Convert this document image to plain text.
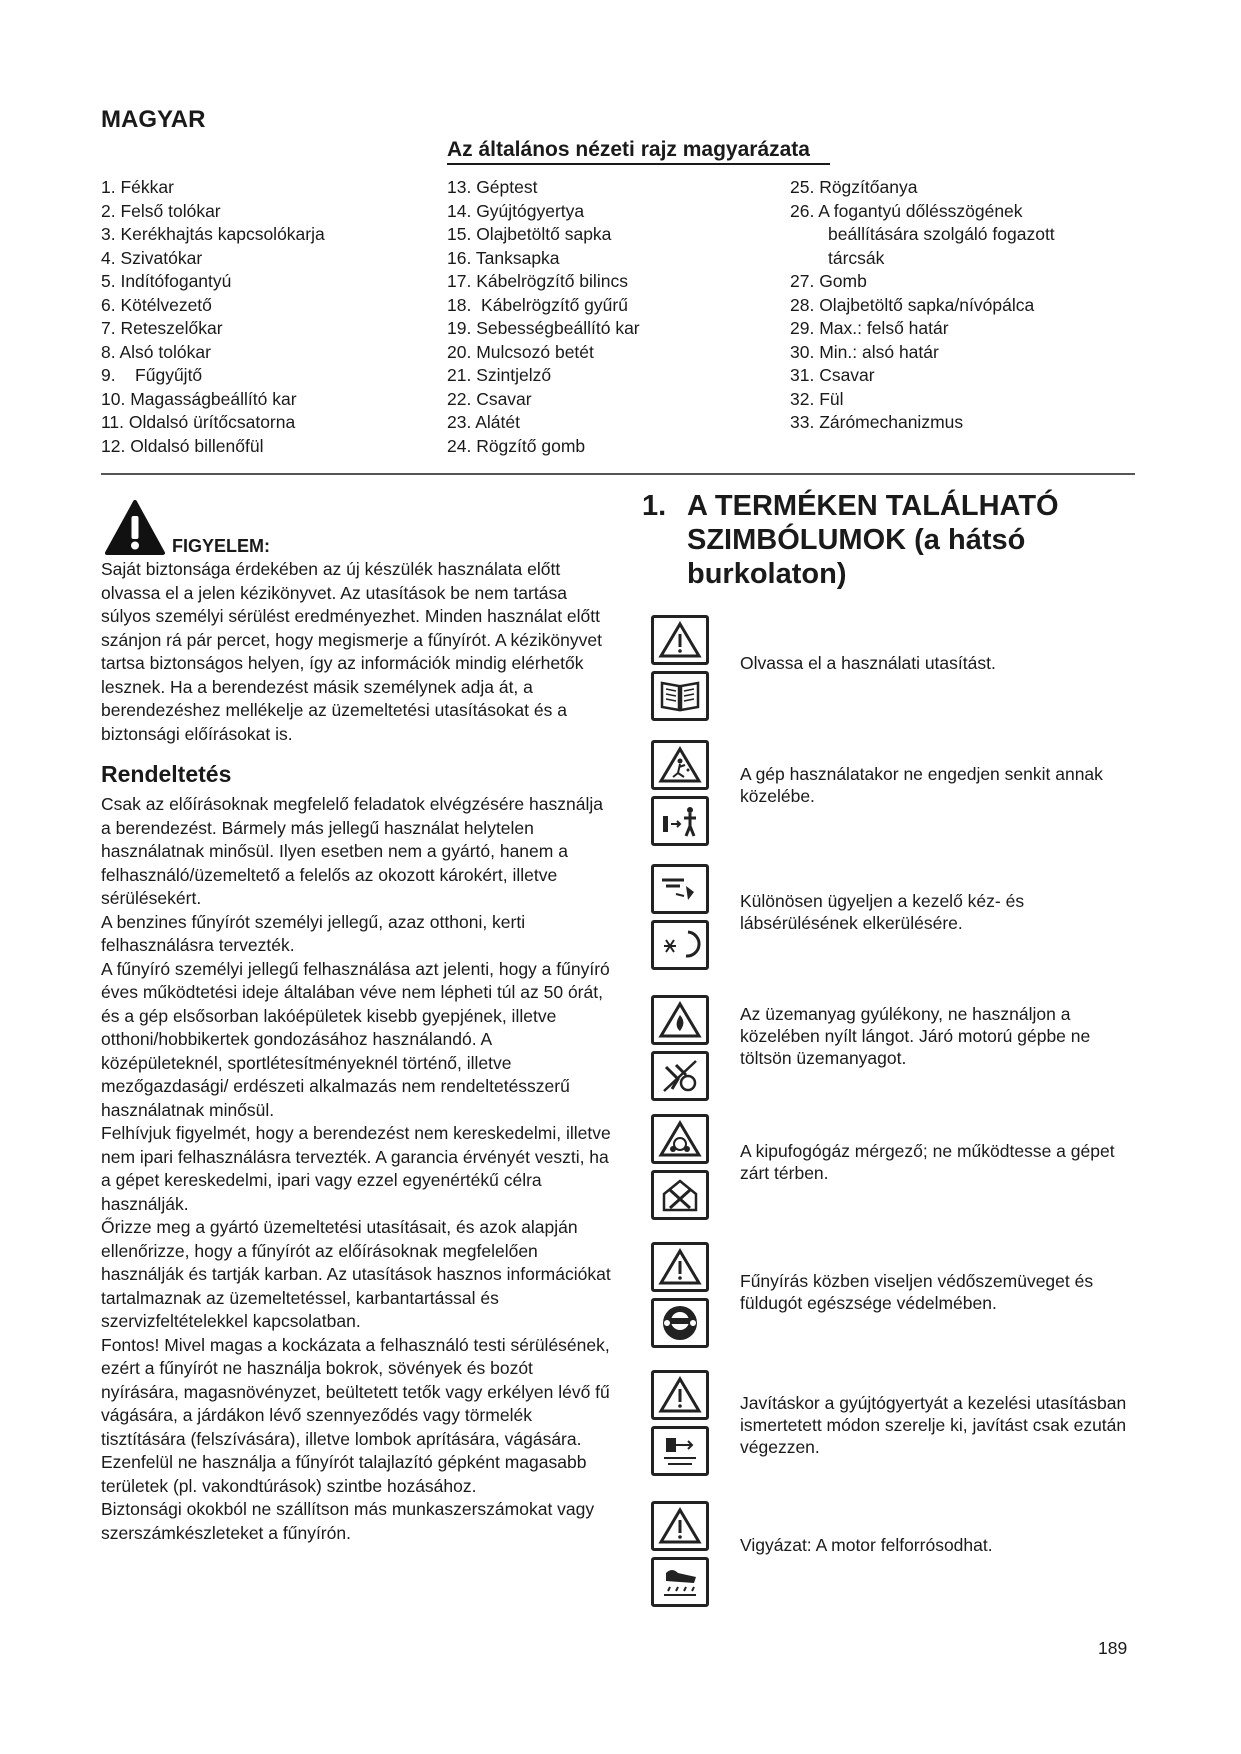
MAGYAR
Az általános nézeti rajz magyarázata
1. Fékkar
2. Felső tolókar
3. Kerékhajtás kapcsolókarja
4. Szivatókar
5. Indítófogantyú
6. Kötélvezető
7. Reteszelőkar
8. Alsó tolókar
9.    Fűgyűjtő
10. Magasságbeállító kar
11. Oldalsó ürítőcsatorna
12. Oldalsó billenőfül
13. Géptest
14. Gyújtógyertya
15. Olajbetöltő sapka
16. Tanksapka
17. Kábelrögzítő bilincs
18.  Kábelrögzítő gyűrű
19. Sebességbeállító kar
20. Mulcsozó betét
21. Szintjelző
22. Csavar
23. Alátét
24. Rögzítő gomb
25. Rögzítőanya
26. A fogantyú dőlésszögének
beállítására szolgáló fogazott
tárcsák
27. Gomb
28. Olajbetöltő sapka/nívópálca
29. Max.: felső határ
30. Min.: alsó határ
31. Csavar
32. Fül
33. Zárómechanizmus
FIGYELEM:
Saját biztonsága érdekében az új készülék használata előtt olvassa el a jelen kézikönyvet. Az utasítások be nem tartása súlyos személyi sérülést eredményezhet. Minden használat előtt szánjon rá pár percet, hogy megismerje a fűnyírót. A kézikönyvet tartsa biztonságos helyen, így az információk mindig elérhetők lesznek. Ha a berendezést másik személynek adja át, a berendezéshez mellékelje az üzemeltetési utasításokat és a biztonsági előírásokat is.
Rendeltetés
Csak az előírásoknak megfelelő feladatok elvégzésére használja a berendezést. Bármely más jellegű használat helytelen használatnak minősül. Ilyen esetben nem a gyártó, hanem a felhasználó/üzemeltető a felelős az okozott károkért, illetve sérülésekért.
A benzines fűnyírót személyi jellegű, azaz otthoni, kerti felhasználásra tervezték.
A fűnyíró személyi jellegű felhasználása azt jelenti, hogy a fűnyíró éves működtetési ideje általában véve nem lépheti túl az 50 órát, és a gép elsősorban lakóépületek kisebb gyepjének, illetve otthoni/hobbikertek gondozásához használandó. A középületeknél, sportlétesítményeknél történő, illetve mezőgazdasági/ erdészeti alkalmazás nem rendeltetésszerű használatnak minősül.
Felhívjuk figyelmét, hogy a berendezést nem kereskedelmi, illetve nem ipari felhasználásra tervezték. A garancia érvényét veszti, ha a gépet kereskedelmi, ipari vagy ezzel egyenértékű célra használják.
Őrizze meg a gyártó üzemeltetési utasításait, és azok alapján ellenőrizze, hogy a fűnyírót az előírásoknak megfelelően használják és tartják karban. Az utasítások hasznos információkat tartalmaznak az üzemeltetéssel, karbantartással és szervizfeltételekkel kapcsolatban.
Fontos! Mivel magas a kockázata a felhasználó testi sérülésének, ezért a fűnyírót ne használja bokrok, sövények és bozót nyírására, magasnövényzet, beültetett tetők vagy erkélyen lévő fű vágására, a járdákon lévő szennyeződés vagy törmelék tisztítására (felszívására), illetve lombok aprítására, vágására. Ezenfelül ne használja a fűnyírót talajlazító gépként magasabb területek (pl. vakondtúrások) szintbe hozásához.
Biztonsági okokból ne szállítson más munkaszerszámokat vagy szerszámkészleteket a fűnyírón.
1. A TERMÉKEN TALÁLHATÓ
SZIMBÓLUMOK (a hátsó
burkolaton)
Olvassa el a használati utasítást.
A gép használatakor ne engedjen senkit annak közelébe.
Különösen ügyeljen a kezelő kéz- és lábsérülésének elkerülésére.
Az üzemanyag gyúlékony, ne használjon a közelében nyílt lángot. Járó motorú gépbe ne töltsön üzemanyagot.
A kipufogógáz mérgező; ne működtesse a gépet zárt térben.
Fűnyírás közben viseljen védőszemüveget és füldugót egészsége védelmében.
Javításkor a gyújtógyertyát a kezelési utasításban ismertetett módon szerelje ki, javítást csak ezután végezzen.
Vigyázat: A motor felforrósodhat.
189
